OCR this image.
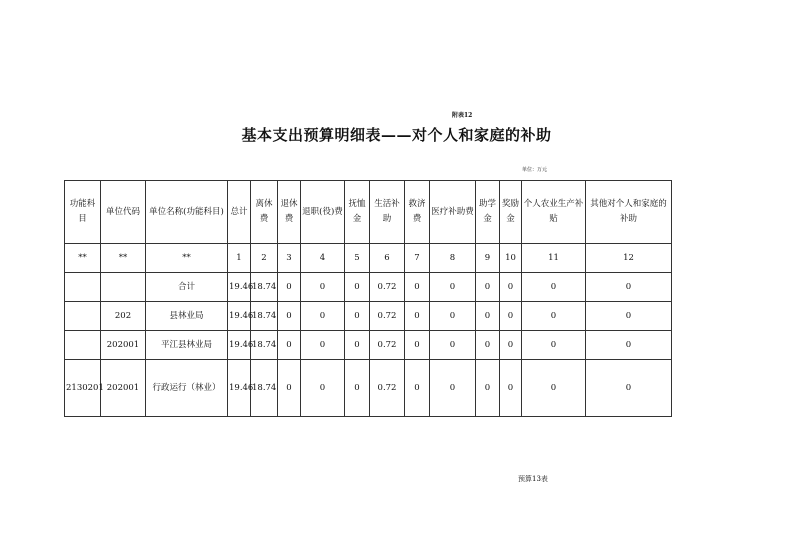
附表12
基本支出预算明细表——对个人和家庭的补助
单位：万元
功能科目	单位代码	单位名称(功能科目)	总计	离休费	退休费	退职(役)费	抚恤金	生活补助	救济费	医疗补助费	助学金	奖励金	个人农业生产补贴	其他对个人和家庭的补助
**	**	**	1	2	3	4	5	6	7	8	9	10	11	12
		合计	19.46	18.74	0	0	0	0.72	0	0	0	0	0	0
	202	县林业局	19.46	18.74	0	0	0	0.72	0	0	0	0	0	0
	202001	平江县林业局	19.46	18.74	0	0	0	0.72	0	0	0	0	0	0
2130201	202001	行政运行（林业）	19.46	18.74	0	0	0	0.72	0	0	0	0	0	0
预算13表
